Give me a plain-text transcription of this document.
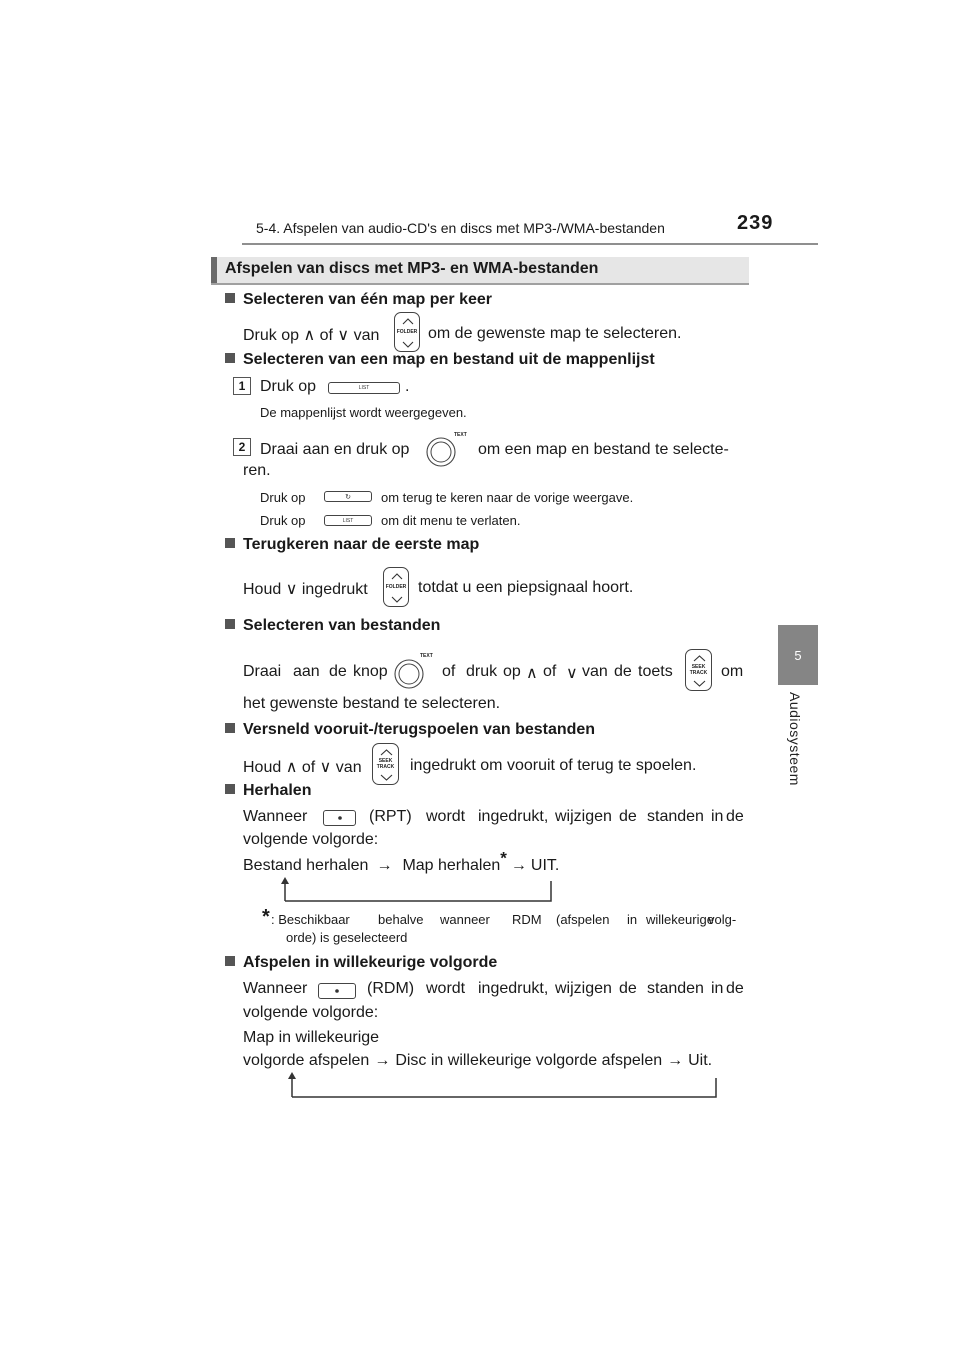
5-4. Afspelen van audio-CD's en discs met MP3-/WMA-bestanden	239
5
Audiosysteem
Afspelen van discs met MP3- en WMA-bestanden
Selecteren van één map per keer
Druk op ∧ of ∨ van	FOLDER om de gewenste map te selecteren.
Selecteren van een map en bestand uit de mappenlijst
1 Druk op	LIST	.
De mappenlijst wordt weergegeven.
2 Draai aan en druk op
TEXT
om een map en bestand te selecte-
ren.
Druk op	↻	om terug te keren naar de vorige weergave.
Druk op	LIST	om dit menu te verlaten.
Terugkeren naar de eerste map
Houd ∨ ingedrukt	FOLDER totdat u een piepsignaal hoort.
Selecteren van bestanden
Draai aan de knop
TEXT
of druk op ∧ of ∨ van de toets	SEEK
TRACK om
het gewenste bestand te selecteren.
Versneld vooruit-/terugspoelen van bestanden
Houd ∧ of ∨ van	SEEK
TRACK ingedrukt om vooruit of terug te spoelen.
Herhalen
Wanneer	(RPT) wordt ingedrukt, wijzigen de standen in de
volgende volgorde:
Bestand herhalen → Map herhalen* → UIT.
* : Beschikbaar behalve wanneer RDM (afspelen in willekeurige
volg-
orde) is geselecteerd
Afspelen in willekeurige volgorde
Wanneer	(RDM) wordt ingedrukt, wijzigen de standen in de
volgende volgorde:
Map in willekeurige
volgorde afspelen → Disc in willekeurige volgorde afspelen → Uit.
